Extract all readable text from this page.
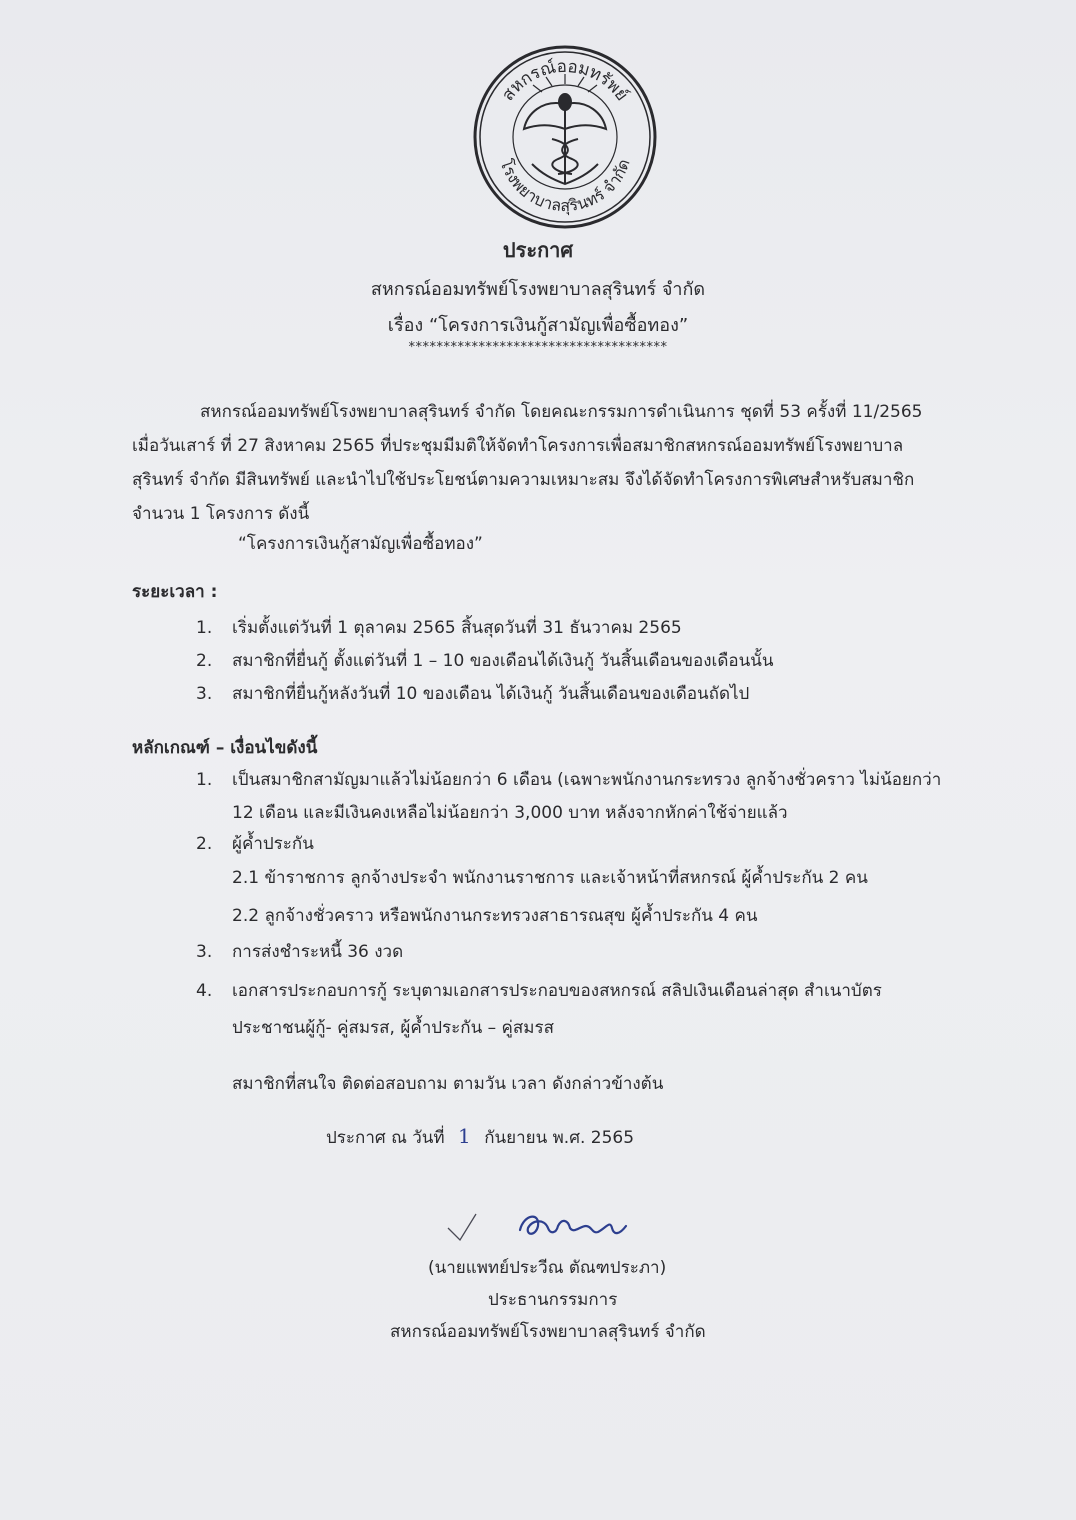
สหกรณ์ออมทรัพย์
โรงพยาบาลสุรินทร์ จำกัด
ประกาศ
สหกรณ์ออมทรัพย์โรงพยาบาลสุรินทร์ จำกัด
เรื่อง “โครงการเงินกู้สามัญเพื่อซื้อทอง”
*************************************
สหกรณ์ออมทรัพย์โรงพยาบาลสุรินทร์ จำกัด โดยคณะกรรมการดำเนินการ ชุดที่ 53 ครั้งที่ 11/2565
เมื่อวันเสาร์ ที่ 27 สิงหาคม 2565 ที่ประชุมมีมติให้จัดทำโครงการเพื่อสมาชิกสหกรณ์ออมทรัพย์โรงพยาบาล
สุรินทร์ จำกัด มีสินทรัพย์ และนำไปใช้ประโยชน์ตามความเหมาะสม จึงได้จัดทำโครงการพิเศษสำหรับสมาชิก
จำนวน 1 โครงการ ดังนี้
“โครงการเงินกู้สามัญเพื่อซื้อทอง”
ระยะเวลา :
1. เริ่มตั้งแต่วันที่ 1 ตุลาคม 2565 สิ้นสุดวันที่ 31 ธันวาคม 2565
2. สมาชิกที่ยื่นกู้ ตั้งแต่วันที่ 1 – 10 ของเดือนได้เงินกู้ วันสิ้นเดือนของเดือนนั้น
3. สมาชิกที่ยื่นกู้หลังวันที่ 10 ของเดือน ได้เงินกู้ วันสิ้นเดือนของเดือนถัดไป
หลักเกณฑ์ – เงื่อนไขดังนี้
1. เป็นสมาชิกสามัญมาแล้วไม่น้อยกว่า 6 เดือน (เฉพาะพนักงานกระทรวง ลูกจ้างชั่วคราว ไม่น้อยกว่า
12 เดือน และมีเงินคงเหลือไม่น้อยกว่า 3,000 บาท หลังจากหักค่าใช้จ่ายแล้ว
2. ผู้ค้ำประกัน
2.1 ข้าราชการ ลูกจ้างประจำ พนักงานราชการ และเจ้าหน้าที่สหกรณ์ ผู้ค้ำประกัน 2 คน
2.2 ลูกจ้างชั่วคราว หรือพนักงานกระทรวงสาธารณสุข ผู้ค้ำประกัน 4 คน
3. การส่งชำระหนี้ 36 งวด
4. เอกสารประกอบการกู้ ระบุตามเอกสารประกอบของสหกรณ์ สลิปเงินเดือนล่าสุด สำเนาบัตร
ประชาชนผู้กู้- คู่สมรส, ผู้ค้ำประกัน – คู่สมรส
สมาชิกที่สนใจ ติดต่อสอบถาม ตามวัน เวลา ดังกล่าวข้างต้น
ประกาศ ณ วันที่ 1 กันยายน พ.ศ. 2565
(นายแพทย์ประวีณ ตัณฑประภา)
ประธานกรรมการ
สหกรณ์ออมทรัพย์โรงพยาบาลสุรินทร์ จำกัด
